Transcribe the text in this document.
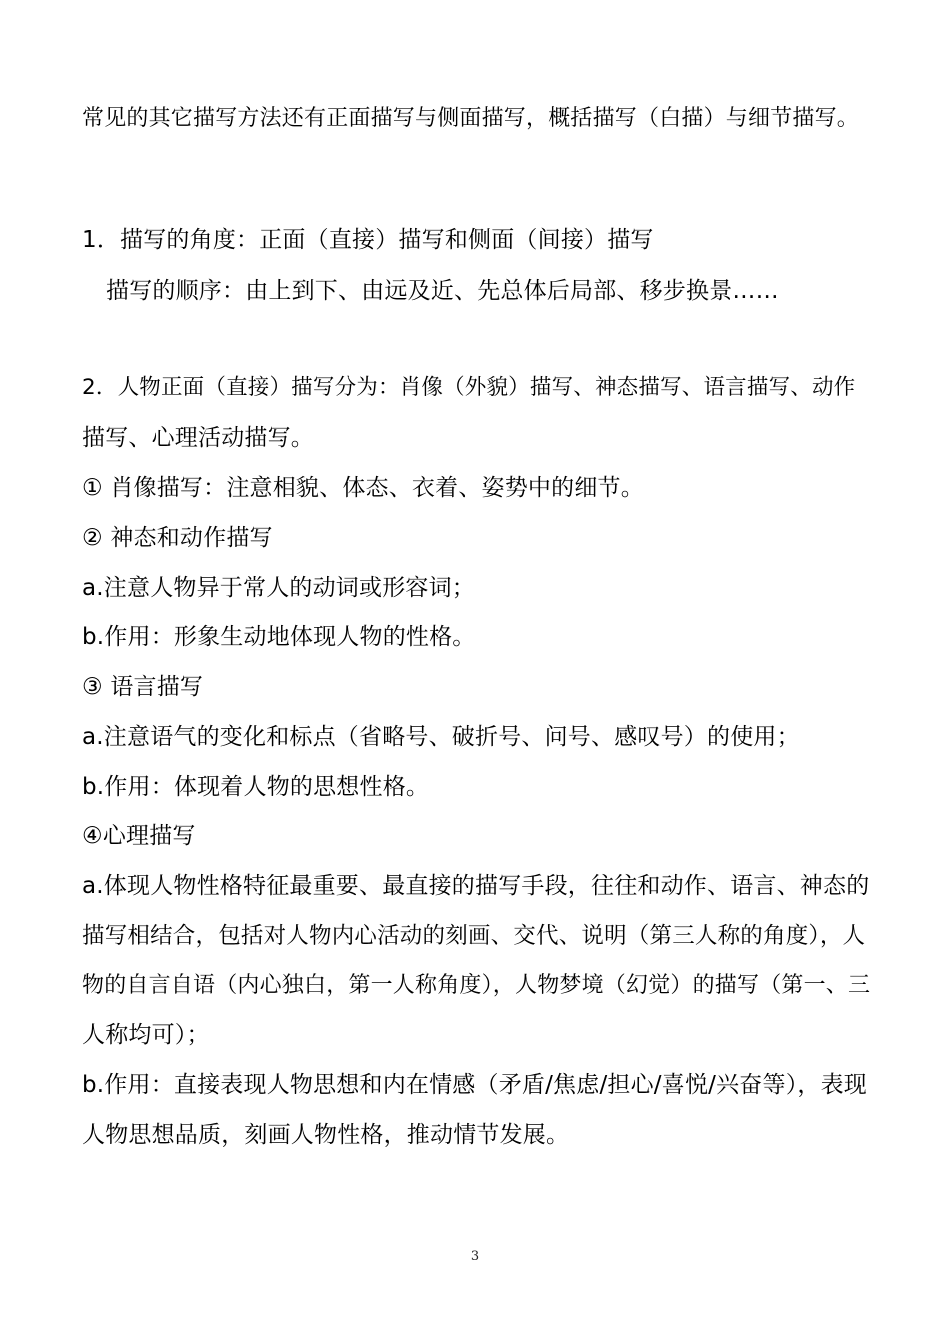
常见的其它描写方法还有正面描写与侧面描写，概括描写（白描）与细节描写。
1．描写的角度：正面（直接）描写和侧面（间接）描写
描写的顺序：由上到下、由远及近、先总体后局部、移步换景……
2．人物正面（直接）描写分为：肖像（外貌）描写、神态描写、语言描写、动作
描写、心理活动描写。
① 肖像描写：注意相貌、体态、衣着、姿势中的细节。
② 神态和动作描写
a.注意人物异于常人的动词或形容词；
b.作用：形象生动地体现人物的性格。
③ 语言描写
a.注意语气的变化和标点（省略号、破折号、问号、感叹号）的使用；
b.作用：体现着人物的思想性格。
④心理描写
a.体现人物性格特征最重要、最直接的描写手段，往往和动作、语言、神态的
描写相结合，包括对人物内心活动的刻画、交代、说明（第三人称的角度），人
物的自言自语（内心独白，第一人称角度），人物梦境（幻觉）的描写（第一、三
人称均可）；
b.作用：直接表现人物思想和内在情感（矛盾/焦虑/担心/喜悦/兴奋等），表现
人物思想品质，刻画人物性格，推动情节发展。
3
